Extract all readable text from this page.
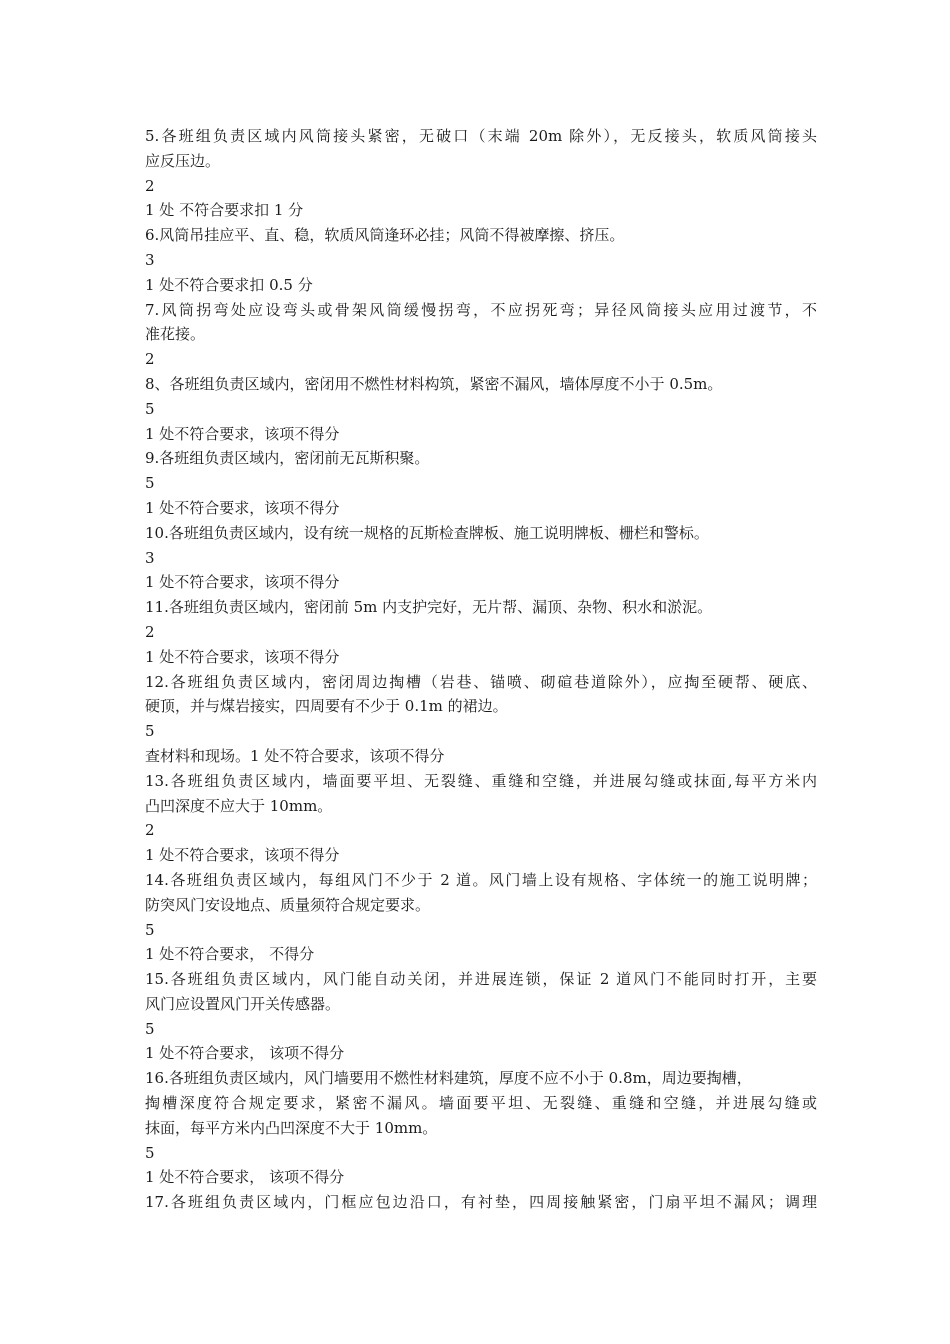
5.各班组负责区域内风筒接头紧密，无破口（末端 20m 除外），无反接头，软质风筒接头
应反压边。
2
1 处 不符合要求扣 1 分
6.风筒吊挂应平、直、稳，软质风筒逢环必挂；风筒不得被摩擦、挤压。
3
1 处不符合要求扣 0.5 分
7.风筒拐弯处应设弯头或骨架风筒缓慢拐弯，不应拐死弯；异径风筒接头应用过渡节，不
准花接。
2
8、各班组负责区域内，密闭用不燃性材料构筑，紧密不漏风，墙体厚度不小于 0.5m。
5
1 处不符合要求，该项不得分
9.各班组负责区域内，密闭前无瓦斯积聚。
5
1 处不符合要求，该项不得分
10.各班组负责区域内，设有统一规格的瓦斯检查牌板、施工说明牌板、栅栏和警标。
3
1 处不符合要求，该项不得分
11.各班组负责区域内，密闭前 5m 内支护完好，无片帮、漏顶、杂物、积水和淤泥。
2
1 处不符合要求，该项不得分
12.各班组负责区域内，密闭周边掏槽（岩巷、锚喷、砌碹巷道除外），应掏至硬帮、硬底、
硬顶，并与煤岩接实，四周要有不少于 0.1m 的裙边。
5
查材料和现场。1 处不符合要求，该项不得分
13.各班组负责区域内，墙面要平坦、无裂缝、重缝和空缝，并进展勾缝或抹面,每平方米内
凸凹深度不应大于 10mm。
2
1 处不符合要求，该项不得分
14.各班组负责区域内，每组风门不少于 2 道。风门墙上设有规格、字体统一的施工说明牌；
防突风门安设地点、质量须符合规定要求。
5
1 处不符合要求， 不得分
15.各班组负责区域内，风门能自动关闭，并进展连锁，保证 2 道风门不能同时打开，主要
风门应设置风门开关传感器。
5
1 处不符合要求， 该项不得分
16.各班组负责区域内，风门墙要用不燃性材料建筑，厚度不应不小于 0.8m，周边要掏槽，
掏槽深度符合规定要求，紧密不漏风。墙面要平坦、无裂缝、重缝和空缝，并进展勾缝或
抹面，每平方米内凸凹深度不大于 10mm。
5
1 处不符合要求， 该项不得分
17.各班组负责区域内，门框应包边沿口，有衬垫，四周接触紧密，门扇平坦不漏风；调理
